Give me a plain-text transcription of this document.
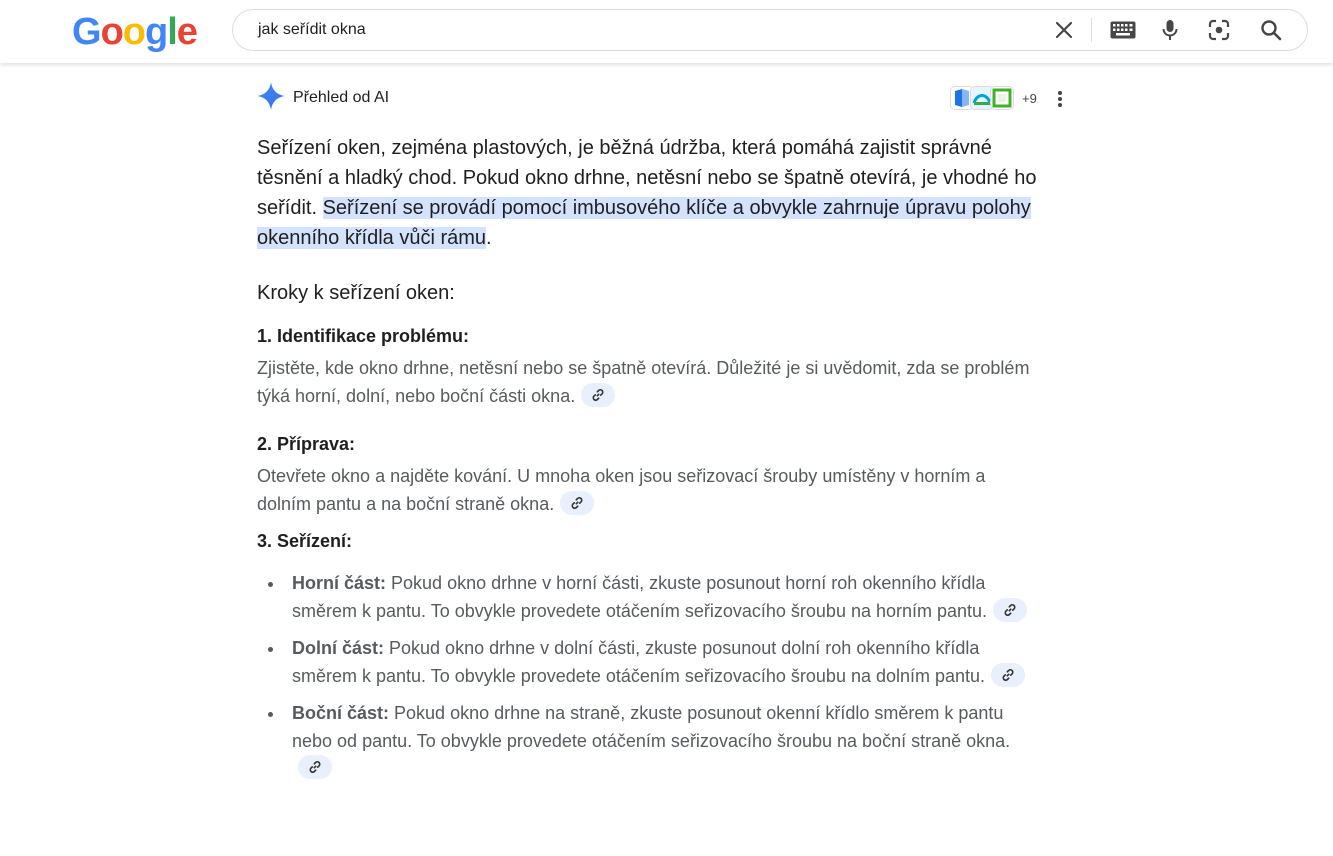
Google	jak seřídit okna
Přehled od AI	+9

Seřízení oken, zejména plastových, je běžná údržba, která pomáhá zajistit správné těsnění a hladký chod. Pokud okno drhne, netěsní nebo se špatně otevírá, je vhodné ho seřídit. Seřízení se provádí pomocí imbusového klíče a obvykle zahrnuje úpravu polohy okenního křídla vůči rámu.

Kroky k seřízení oken:
1. Identifikace problému:

Zjistěte, kde okno drhne, netěsní nebo se špatně otevírá. Důležité je si uvědomit, zda se problém týká horní, dolní, nebo boční části okna.

2. Příprava:

Otevřete okno a najděte kování. U mnoha oken jsou seřizovací šrouby umístěny v horním a dolním pantu a na boční straně okna.

3. Seřízení:
Horní část: Pokud okno drhne v horní části, zkuste posunout horní roh okenního křídla směrem k pantu. To obvykle provedete otáčením seřizovacího šroubu na horním pantu.
Dolní část: Pokud okno drhne v dolní části, zkuste posunout dolní roh okenního křídla směrem k pantu. To obvykle provedete otáčením seřizovacího šroubu na dolním pantu.
Boční část: Pokud okno drhne na straně, zkuste posunout okenní křídlo směrem k pantu nebo od pantu. To obvykle provedete otáčením seřizovacího šroubu na boční straně okna.
